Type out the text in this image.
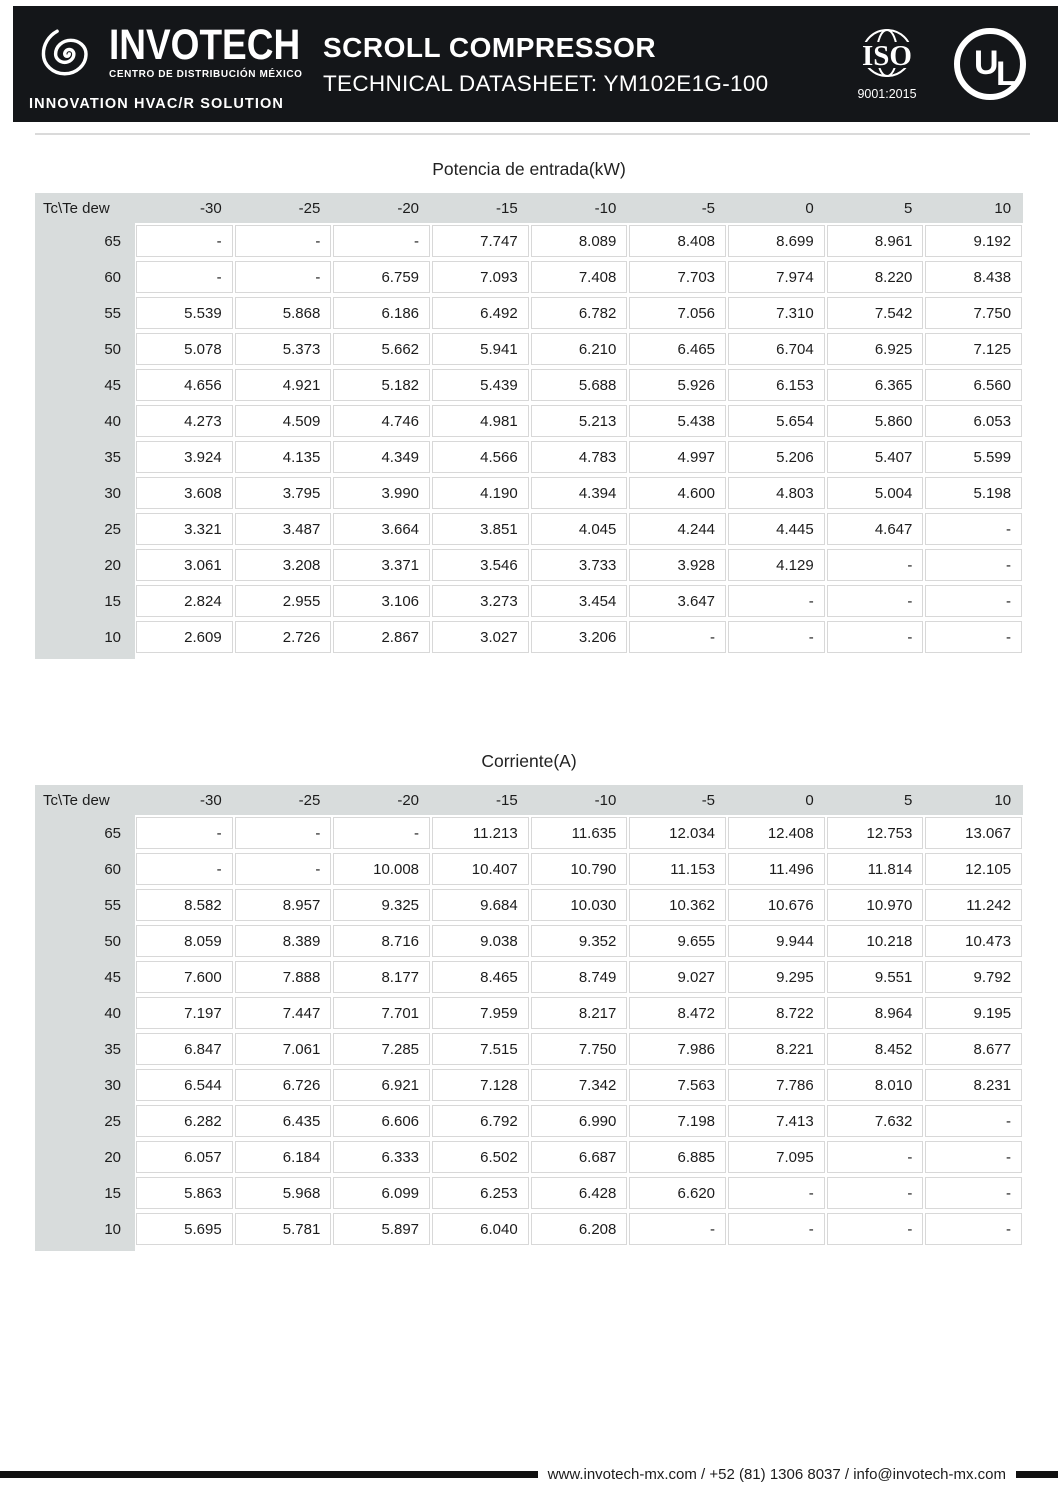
INVOTECH
CENTRO DE DISTRIBUCIÓN MÉXICO
INNOVATION HVAC/R SOLUTION
SCROLL COMPRESSOR
TECHNICAL DATASHEET: YM102E1G-100
ISO
9001:2015
U
L
Potencia de entrada(kW)
Tc\Te dew	-30	-25	-20	-15	-10	-5	0	5	10
65	-	-	-	7.747	8.089	8.408	8.699	8.961	9.192
60	-	-	6.759	7.093	7.408	7.703	7.974	8.220	8.438
55	5.539	5.868	6.186	6.492	6.782	7.056	7.310	7.542	7.750
50	5.078	5.373	5.662	5.941	6.210	6.465	6.704	6.925	7.125
45	4.656	4.921	5.182	5.439	5.688	5.926	6.153	6.365	6.560
40	4.273	4.509	4.746	4.981	5.213	5.438	5.654	5.860	6.053
35	3.924	4.135	4.349	4.566	4.783	4.997	5.206	5.407	5.599
30	3.608	3.795	3.990	4.190	4.394	4.600	4.803	5.004	5.198
25	3.321	3.487	3.664	3.851	4.045	4.244	4.445	4.647	-
20	3.061	3.208	3.371	3.546	3.733	3.928	4.129	-	-
15	2.824	2.955	3.106	3.273	3.454	3.647	-	-	-
10	2.609	2.726	2.867	3.027	3.206	-	-	-	-
Corriente(A)
Tc\Te dew	-30	-25	-20	-15	-10	-5	0	5	10
65	-	-	-	11.213	11.635	12.034	12.408	12.753	13.067
60	-	-	10.008	10.407	10.790	11.153	11.496	11.814	12.105
55	8.582	8.957	9.325	9.684	10.030	10.362	10.676	10.970	11.242
50	8.059	8.389	8.716	9.038	9.352	9.655	9.944	10.218	10.473
45	7.600	7.888	8.177	8.465	8.749	9.027	9.295	9.551	9.792
40	7.197	7.447	7.701	7.959	8.217	8.472	8.722	8.964	9.195
35	6.847	7.061	7.285	7.515	7.750	7.986	8.221	8.452	8.677
30	6.544	6.726	6.921	7.128	7.342	7.563	7.786	8.010	8.231
25	6.282	6.435	6.606	6.792	6.990	7.198	7.413	7.632	-
20	6.057	6.184	6.333	6.502	6.687	6.885	7.095	-	-
15	5.863	5.968	6.099	6.253	6.428	6.620	-	-	-
10	5.695	5.781	5.897	6.040	6.208	-	-	-	-
www.invotech-mx.com / +52 (81) 1306 8037 / info@invotech-mx.com
